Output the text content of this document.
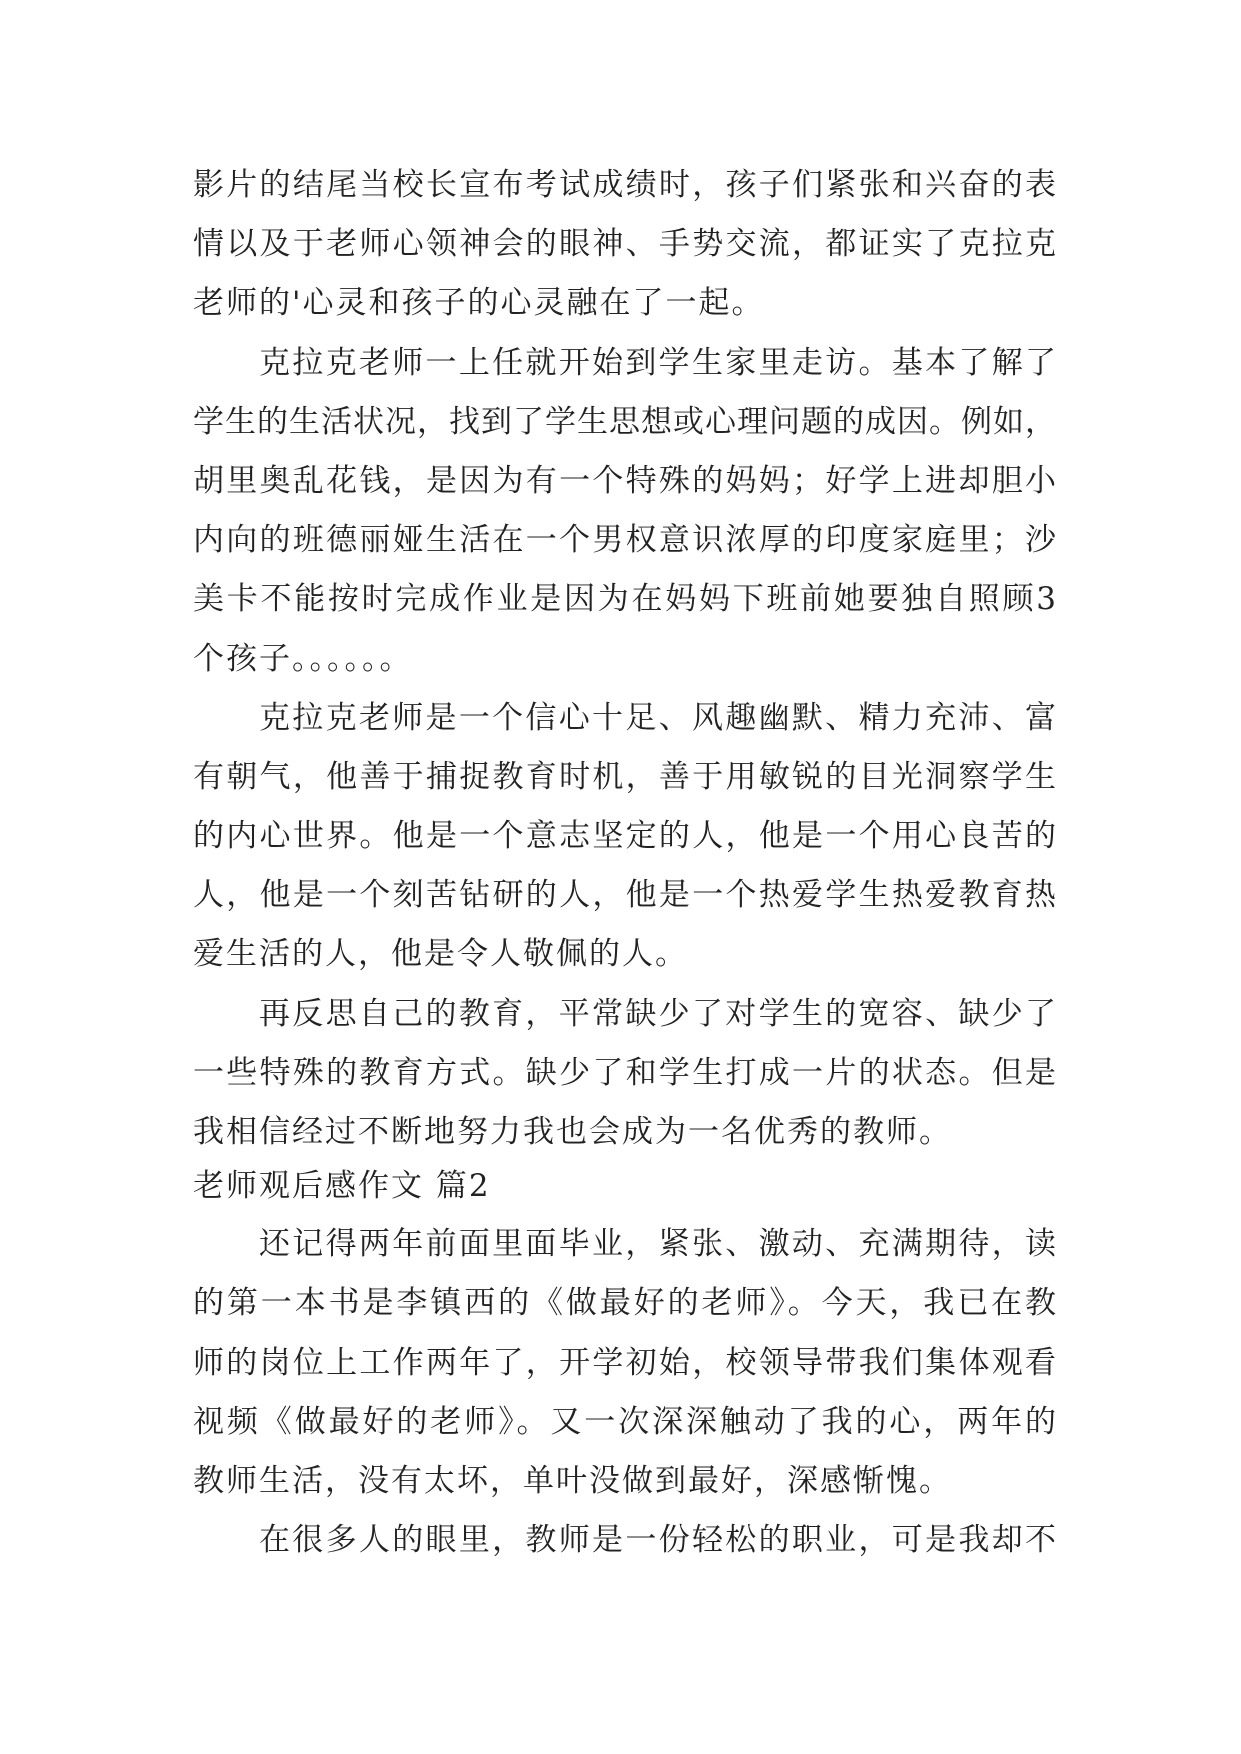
影片的结尾当校长宣布考试成绩时，孩子们紧张和兴奋的表
情以及于老师心领神会的眼神、手势交流，都证实了克拉克
老师的'心灵和孩子的心灵融在了一起。
克拉克老师一上任就开始到学生家里走访。基本了解了
学生的生活状况，找到了学生思想或心理问题的成因。例如，
胡里奥乱花钱，是因为有一个特殊的妈妈；好学上进却胆小
内向的班德丽娅生活在一个男权意识浓厚的印度家庭里；沙
美卡不能按时完成作业是因为在妈妈下班前她要独自照顾3
个孩子。。。。。。
克拉克老师是一个信心十足、风趣幽默、精力充沛、富
有朝气，他善于捕捉教育时机，善于用敏锐的目光洞察学生
的内心世界。他是一个意志坚定的人，他是一个用心良苦的
人，他是一个刻苦钻研的人，他是一个热爱学生热爱教育热
爱生活的人，他是令人敬佩的人。
再反思自己的教育，平常缺少了对学生的宽容、缺少了
一些特殊的教育方式。缺少了和学生打成一片的状态。但是
我相信经过不断地努力我也会成为一名优秀的教师。
老师观后感作文 篇2
还记得两年前面里面毕业，紧张、激动、充满期待，读
的第一本书是李镇西的《做最好的老师》。今天，我已在教
师的岗位上工作两年了，开学初始，校领导带我们集体观看
视频《做最好的老师》。又一次深深触动了我的心，两年的
教师生活，没有太坏，单叶没做到最好，深感惭愧。
在很多人的眼里，教师是一份轻松的职业，可是我却不
